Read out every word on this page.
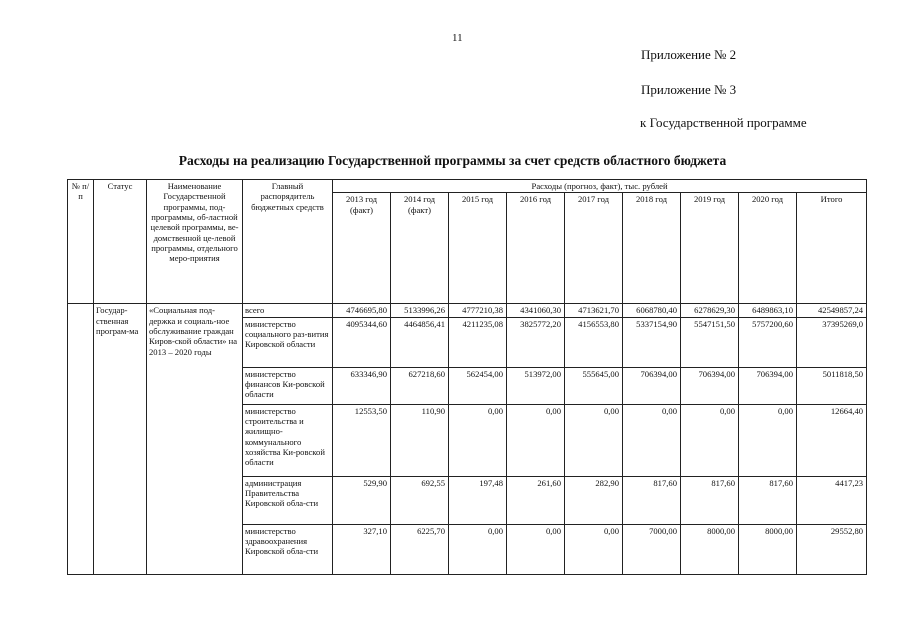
11
Приложение № 2
Приложение № 3
к Государственной программе
Расходы на реализацию Государственной программы за счет средств областного бюджета
№ п/п	Статус	Наименование Государственной программы, под-программы, об-ластной целевой программы, ве-домственной це-левой программы, отдельного меро-приятия	Главный распорядитель бюджетных средств	Расходы (прогноз, факт), тыс. рублей								
				2013 год (факт)	2014 год (факт)	2015 год	2016 год	2017 год	2018 год	2019 год	2020 год	Итого
	Государ-ственная програм-ма	«Социальная под-держка и социаль-ное обслуживание граждан Киров-ской области» на 2013 – 2020 годы	всего	4746695,80	5133996,26	4777210,38	4341060,30	4713621,70	6068780,40	6278629,30	6489863,10	42549857,24
			министерство социального раз-вития Кировской области	4095344,60	4464856,41	4211235,08	3825772,20	4156553,80	5337154,90	5547151,50	5757200,60	37395269,0
			министерство финансов Ки-ровской области	633346,90	627218,60	562454,00	513972,00	555645,00	706394,00	706394,00	706394,00	5011818,50
			министерство строительства и жилищно-коммунального хозяйства Ки-ровской области	12553,50	110,90	0,00	0,00	0,00	0,00	0,00	0,00	12664,40
			администрация Правительства Кировской обла-сти	529,90	692,55	197,48	261,60	282,90	817,60	817,60	817,60	4417,23
			министерство здравоохранения Кировской обла-сти	327,10	6225,70	0,00	0,00	0,00	7000,00	8000,00	8000,00	29552,80
